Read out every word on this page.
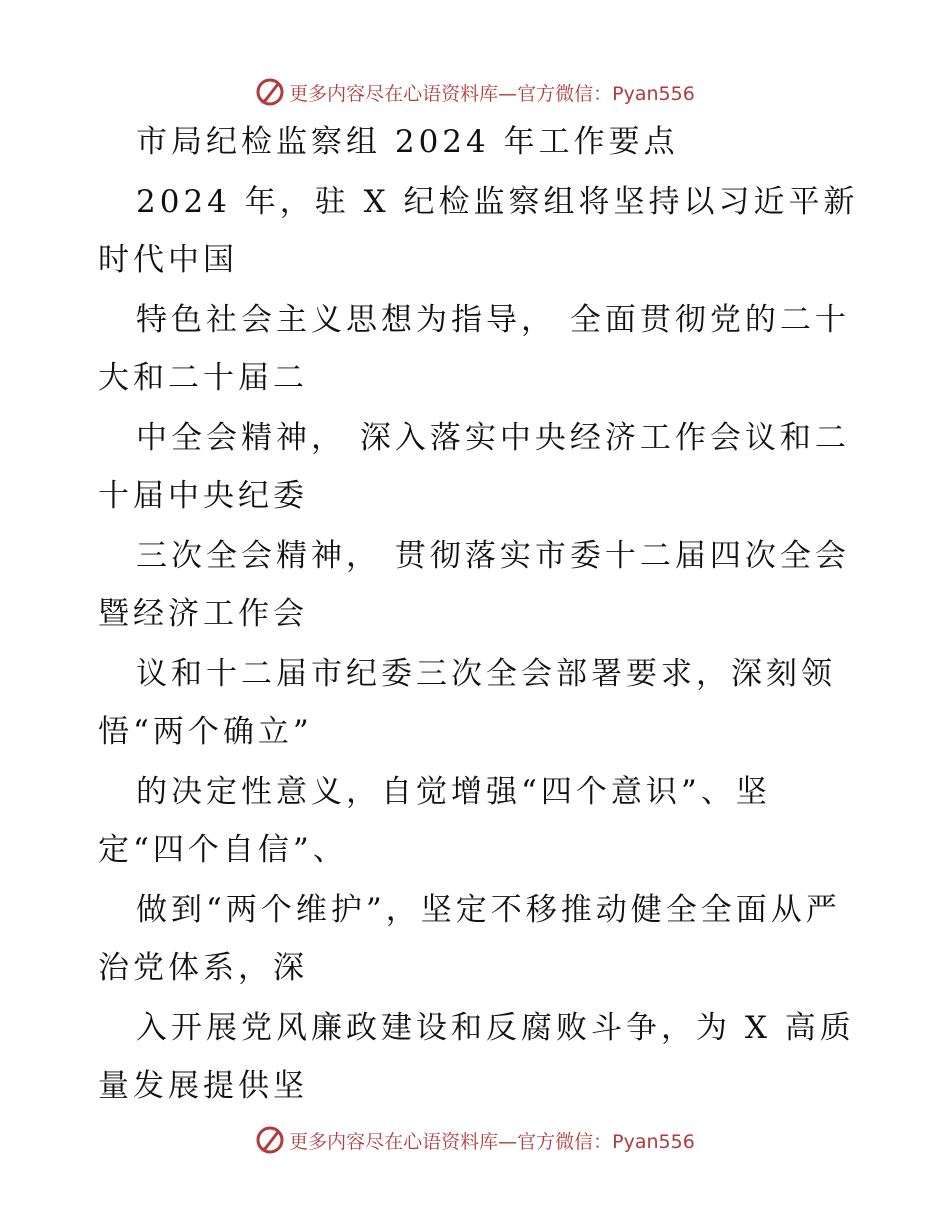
更多内容尽在心语资料库—官方微信：Pyan556
市局纪检监察组 2024 年工作要点
2024 年，驻 X 纪检监察组将坚持以习近平新
时代中国
特色社会主义思想为指导， 全面贯彻党的二十
大和二十届二
中全会精神， 深入落实中央经济工作会议和二
十届中央纪委
三次全会精神， 贯彻落实市委十二届四次全会
暨经济工作会
议和十二届市纪委三次全会部署要求，深刻领
悟“两个确立”
的决定性意义，自觉增强“四个意识”、坚
定“四个自信”、
做到“两个维护”，坚定不移推动健全全面从严
治党体系，深
入开展党风廉政建设和反腐败斗争，为 X 高质
量发展提供坚
更多内容尽在心语资料库—官方微信：Pyan556
